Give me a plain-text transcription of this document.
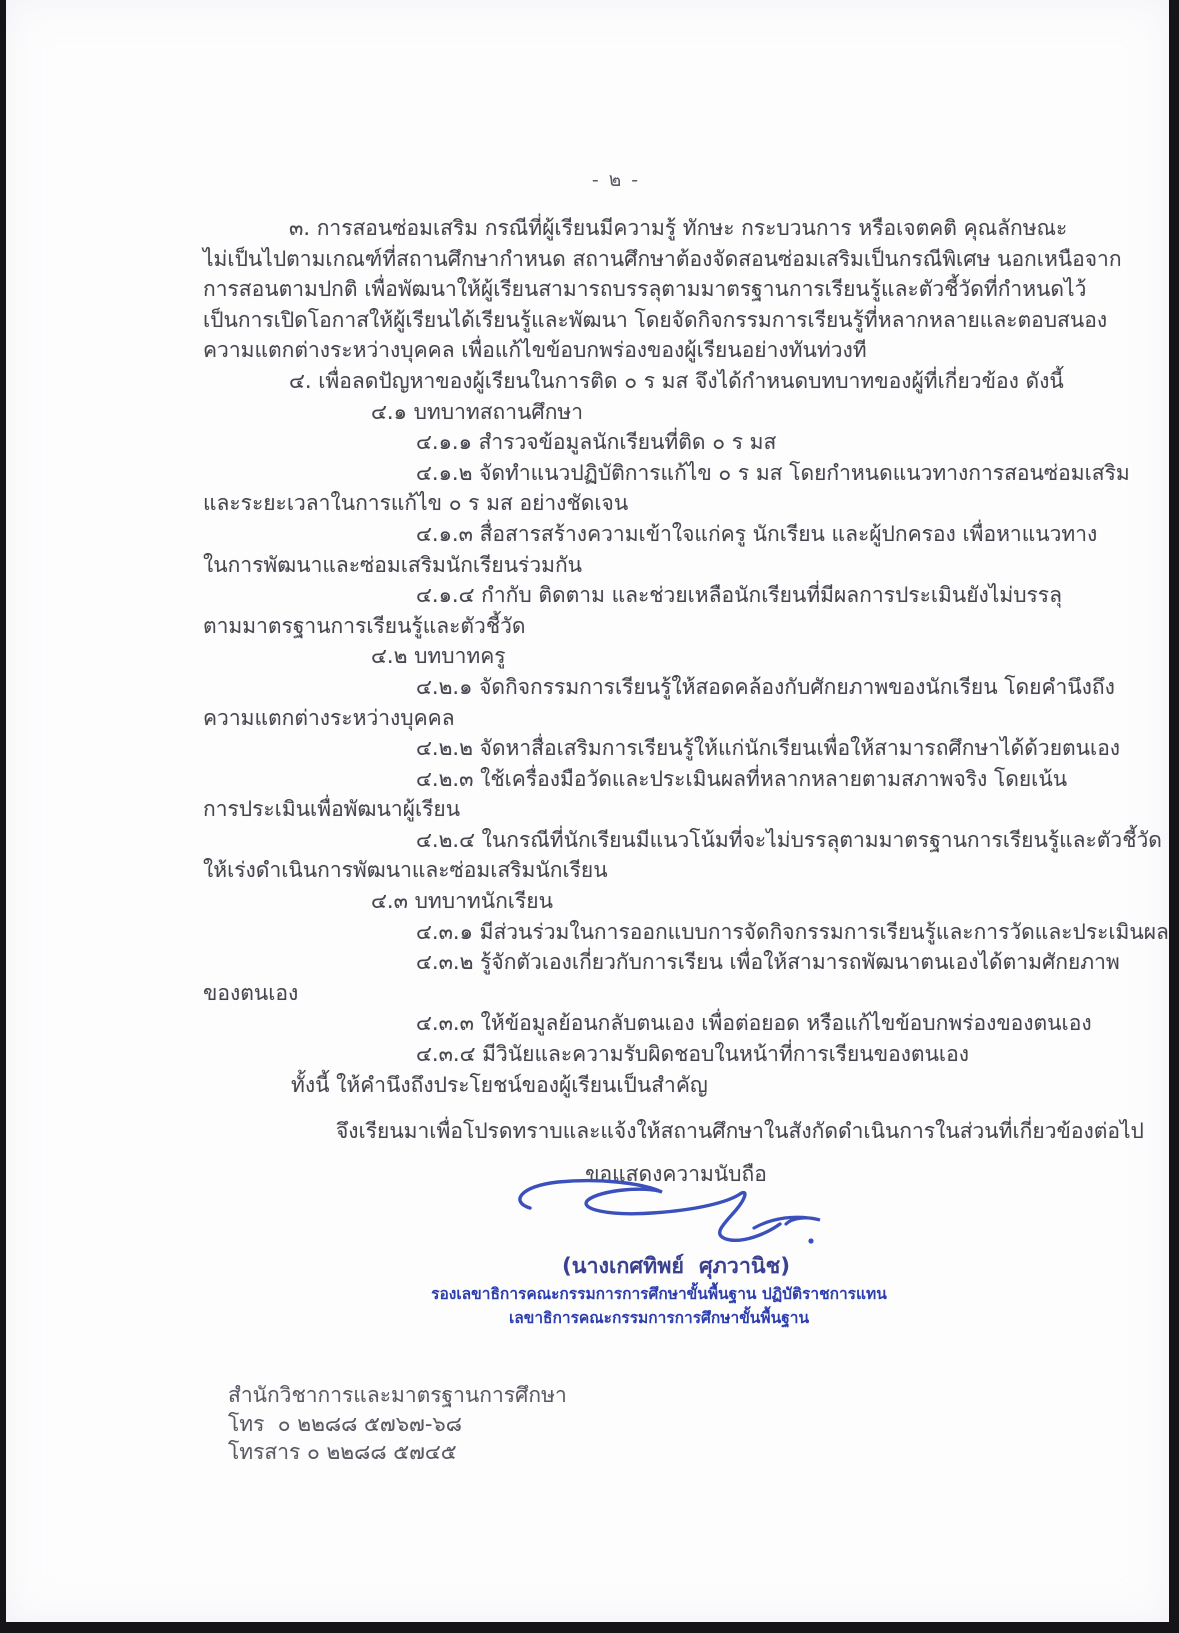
- ๒ -
๓. การสอนซ่อมเสริม กรณีที่ผู้เรียนมีความรู้ ทักษะ กระบวนการ หรือเจตคติ คุณลักษณะ
ไม่เป็นไปตามเกณฑ์ที่สถานศึกษากำหนด สถานศึกษาต้องจัดสอนซ่อมเสริมเป็นกรณีพิเศษ นอกเหนือจาก
การสอนตามปกติ เพื่อพัฒนาให้ผู้เรียนสามารถบรรลุตามมาตรฐานการเรียนรู้และตัวชี้วัดที่กำหนดไว้
เป็นการเปิดโอกาสให้ผู้เรียนได้เรียนรู้และพัฒนา โดยจัดกิจกรรมการเรียนรู้ที่หลากหลายและตอบสนอง
ความแตกต่างระหว่างบุคคล เพื่อแก้ไขข้อบกพร่องของผู้เรียนอย่างทันท่วงที
๔. เพื่อลดปัญหาของผู้เรียนในการติด ๐ ร มส จึงได้กำหนดบทบาทของผู้ที่เกี่ยวข้อง ดังนี้
๔.๑ บทบาทสถานศึกษา
๔.๑.๑ สำรวจข้อมูลนักเรียนที่ติด ๐ ร มส
๔.๑.๒ จัดทำแนวปฏิบัติการแก้ไข ๐ ร มส โดยกำหนดแนวทางการสอนซ่อมเสริม
และระยะเวลาในการแก้ไข ๐ ร มส อย่างชัดเจน
๔.๑.๓ สื่อสารสร้างความเข้าใจแก่ครู นักเรียน และผู้ปกครอง เพื่อหาแนวทาง
ในการพัฒนาและซ่อมเสริมนักเรียนร่วมกัน
๔.๑.๔ กำกับ ติดตาม และช่วยเหลือนักเรียนที่มีผลการประเมินยังไม่บรรลุ
ตามมาตรฐานการเรียนรู้และตัวชี้วัด
๔.๒ บทบาทครู
๔.๒.๑ จัดกิจกรรมการเรียนรู้ให้สอดคล้องกับศักยภาพของนักเรียน โดยคำนึงถึง
ความแตกต่างระหว่างบุคคล
๔.๒.๒ จัดหาสื่อเสริมการเรียนรู้ให้แก่นักเรียนเพื่อให้สามารถศึกษาได้ด้วยตนเอง
๔.๒.๓ ใช้เครื่องมือวัดและประเมินผลที่หลากหลายตามสภาพจริง โดยเน้น
การประเมินเพื่อพัฒนาผู้เรียน
๔.๒.๔ ในกรณีที่นักเรียนมีแนวโน้มที่จะไม่บรรลุตามมาตรฐานการเรียนรู้และตัวชี้วัด
ให้เร่งดำเนินการพัฒนาและซ่อมเสริมนักเรียน
๔.๓ บทบาทนักเรียน
๔.๓.๑ มีส่วนร่วมในการออกแบบการจัดกิจกรรมการเรียนรู้และการวัดและประเมินผล
๔.๓.๒ รู้จักตัวเองเกี่ยวกับการเรียน เพื่อให้สามารถพัฒนาตนเองได้ตามศักยภาพ
ของตนเอง
๔.๓.๓ ให้ข้อมูลย้อนกลับตนเอง เพื่อต่อยอด หรือแก้ไขข้อบกพร่องของตนเอง
๔.๓.๔ มีวินัยและความรับผิดชอบในหน้าที่การเรียนของตนเอง
ทั้งนี้ ให้คำนึงถึงประโยชน์ของผู้เรียนเป็นสำคัญ
จึงเรียนมาเพื่อโปรดทราบและแจ้งให้สถานศึกษาในสังกัดดำเนินการในส่วนที่เกี่ยวข้องต่อไป
ขอแสดงความนับถือ
(นางเกศทิพย์  ศุภวานิช)
รองเลขาธิการคณะกรรมการการศึกษาขั้นพื้นฐาน ปฏิบัติราชการแทน
เลขาธิการคณะกรรมการการศึกษาขั้นพื้นฐาน
สำนักวิชาการและมาตรฐานการศึกษา
โทร  ๐ ๒๒๘๘ ๕๗๖๗-๖๘
โทรสาร ๐ ๒๒๘๘ ๕๗๔๕
